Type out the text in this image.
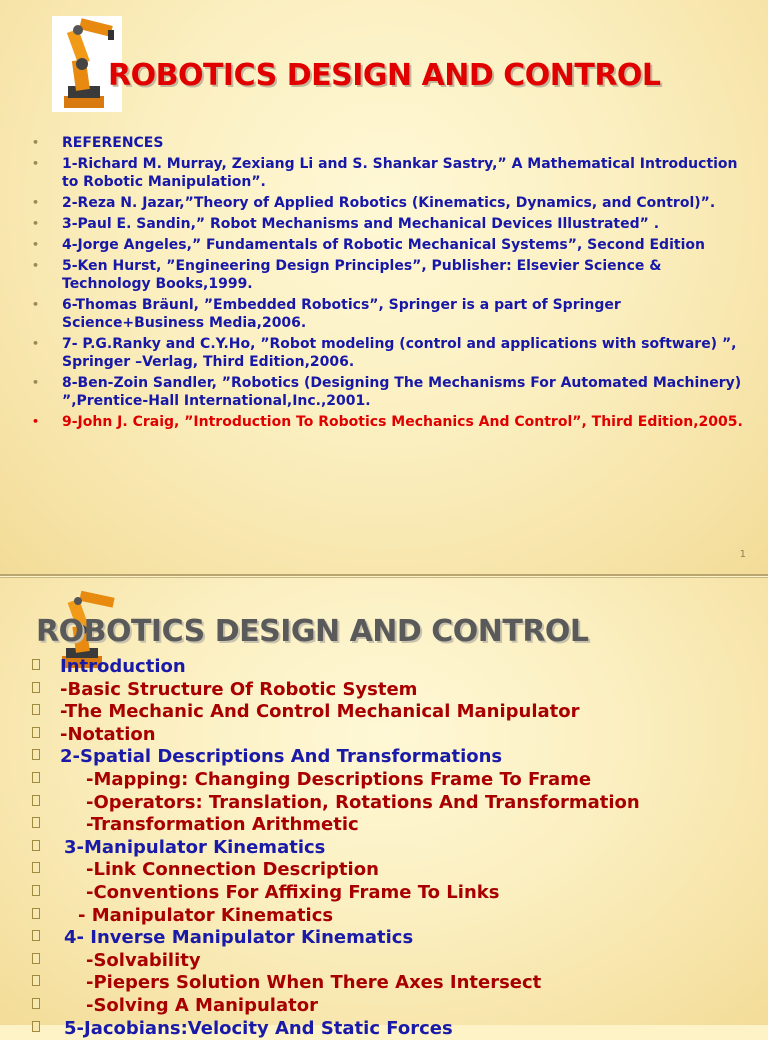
ROBOTICS DESIGN AND CONTROL
• REFERENCES
• 1-Richard M. Murray, Zexiang Li and S. Shankar Sastry,” A Mathematical Introduction to Robotic Manipulation”.
• 2-Reza N. Jazar,”Theory of Applied Robotics (Kinematics, Dynamics, and Control)”.
• 3-Paul E. Sandin,” Robot Mechanisms and Mechanical Devices Illustrated” .
• 4-Jorge Angeles,” Fundamentals of Robotic Mechanical Systems”, Second Edition
• 5-Ken Hurst, ”Engineering Design Principles”, Publisher: Elsevier Science & Technology Books,1999.
• 6-Thomas Bräunl, ”Embedded Robotics”, Springer is a part of Springer Science+Business Media,2006.
• 7- P.G.Ranky and C.Y.Ho, ”Robot modeling (control and applications with software) ”, Springer –Verlag, Third Edition,2006.
• 8-Ben-Zoin Sandler, ”Robotics (Designing The Mechanisms For Automated Machinery) ”,Prentice-Hall International,Inc.,2001.
• 9-John J. Craig, ”Introduction To Robotics Mechanics And Control”, Third Edition,2005.
1
ROBOTICS DESIGN AND CONTROL
Introduction
-Basic Structure Of Robotic System
-The Mechanic And Control Mechanical Manipulator
-Notation
2-Spatial Descriptions And Transformations
-Mapping: Changing Descriptions Frame To Frame
-Operators: Translation, Rotations And Transformation
-Transformation Arithmetic
3-Manipulator Kinematics
-Link Connection Description
-Conventions For Affixing Frame To Links
- Manipulator Kinematics
4- Inverse Manipulator Kinematics
-Solvability
-Piepers Solution When There Axes Intersect
-Solving A Manipulator
5-Jacobians:Velocity And Static Forces
